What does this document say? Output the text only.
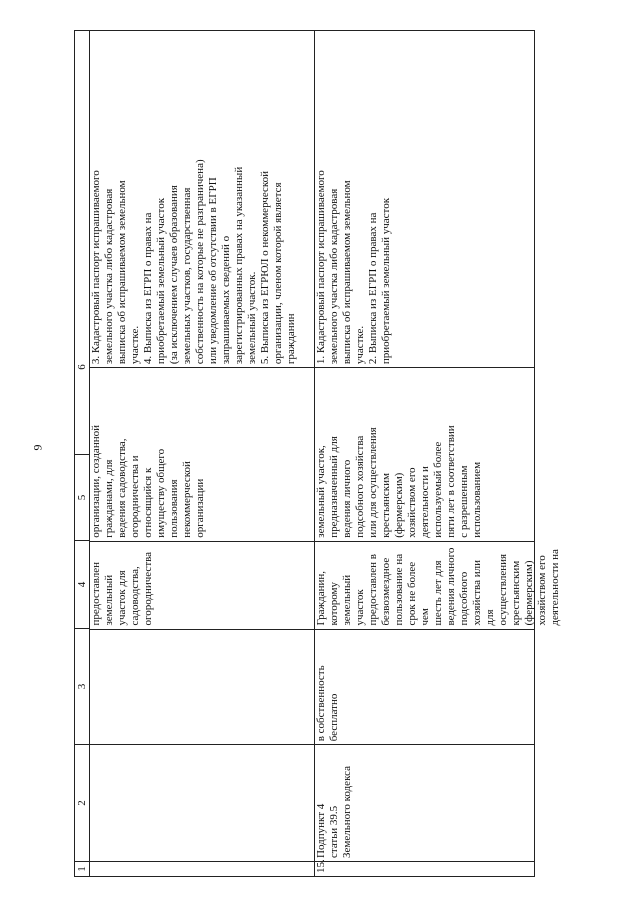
9
1
2
3
4
5
6
предоставлен
земельный
участок для
садоводства,
огородничества
организации, созданной
гражданами, для
ведения садоводства,
огородничества и
относящийся к
имуществу общего
пользования
некоммерческой
организации
3. Кадастровый паспорт испрашиваемого
земельного участка либо кадастровая
выписка об испрашиваемом земельном
участке.
4. Выписка из ЕГРП о правах на
приобретаемый земельный участок
(за исключением случаев образования
земельных участков, государственная
собственность на которые не разграничена)
или уведомление об отсутствии в ЕГРП
запрашиваемых сведений о
зарегистрированных правах на указанный
земельный участок.
5. Выписка из ЕГРЮЛ о некоммерческой
организации, членом которой является
гражданин
15.
Подпункт 4
статьи 39.5
Земельного кодекса
в собственность
бесплатно
Гражданин,
которому
земельный
участок
предоставлен в
безвозмездное
пользование на
срок не более чем
шесть лет для
ведения личного
подсобного
хозяйства или для
осуществления
крестьянским
(фермерским)
хозяйством его
деятельности на
земельный участок,
предназначенный для
ведения личного
подсобного хозяйства
или для осуществления
крестьянским
(фермерским)
хозяйством его
деятельности и
используемый более
пяти лет в соответствии
с разрешенным
использованием
1. Кадастровый паспорт испрашиваемого
земельного участка либо кадастровая
выписка об испрашиваемом земельном
участке.
2. Выписка из ЕГРП о правах на
приобретаемый земельный участок
